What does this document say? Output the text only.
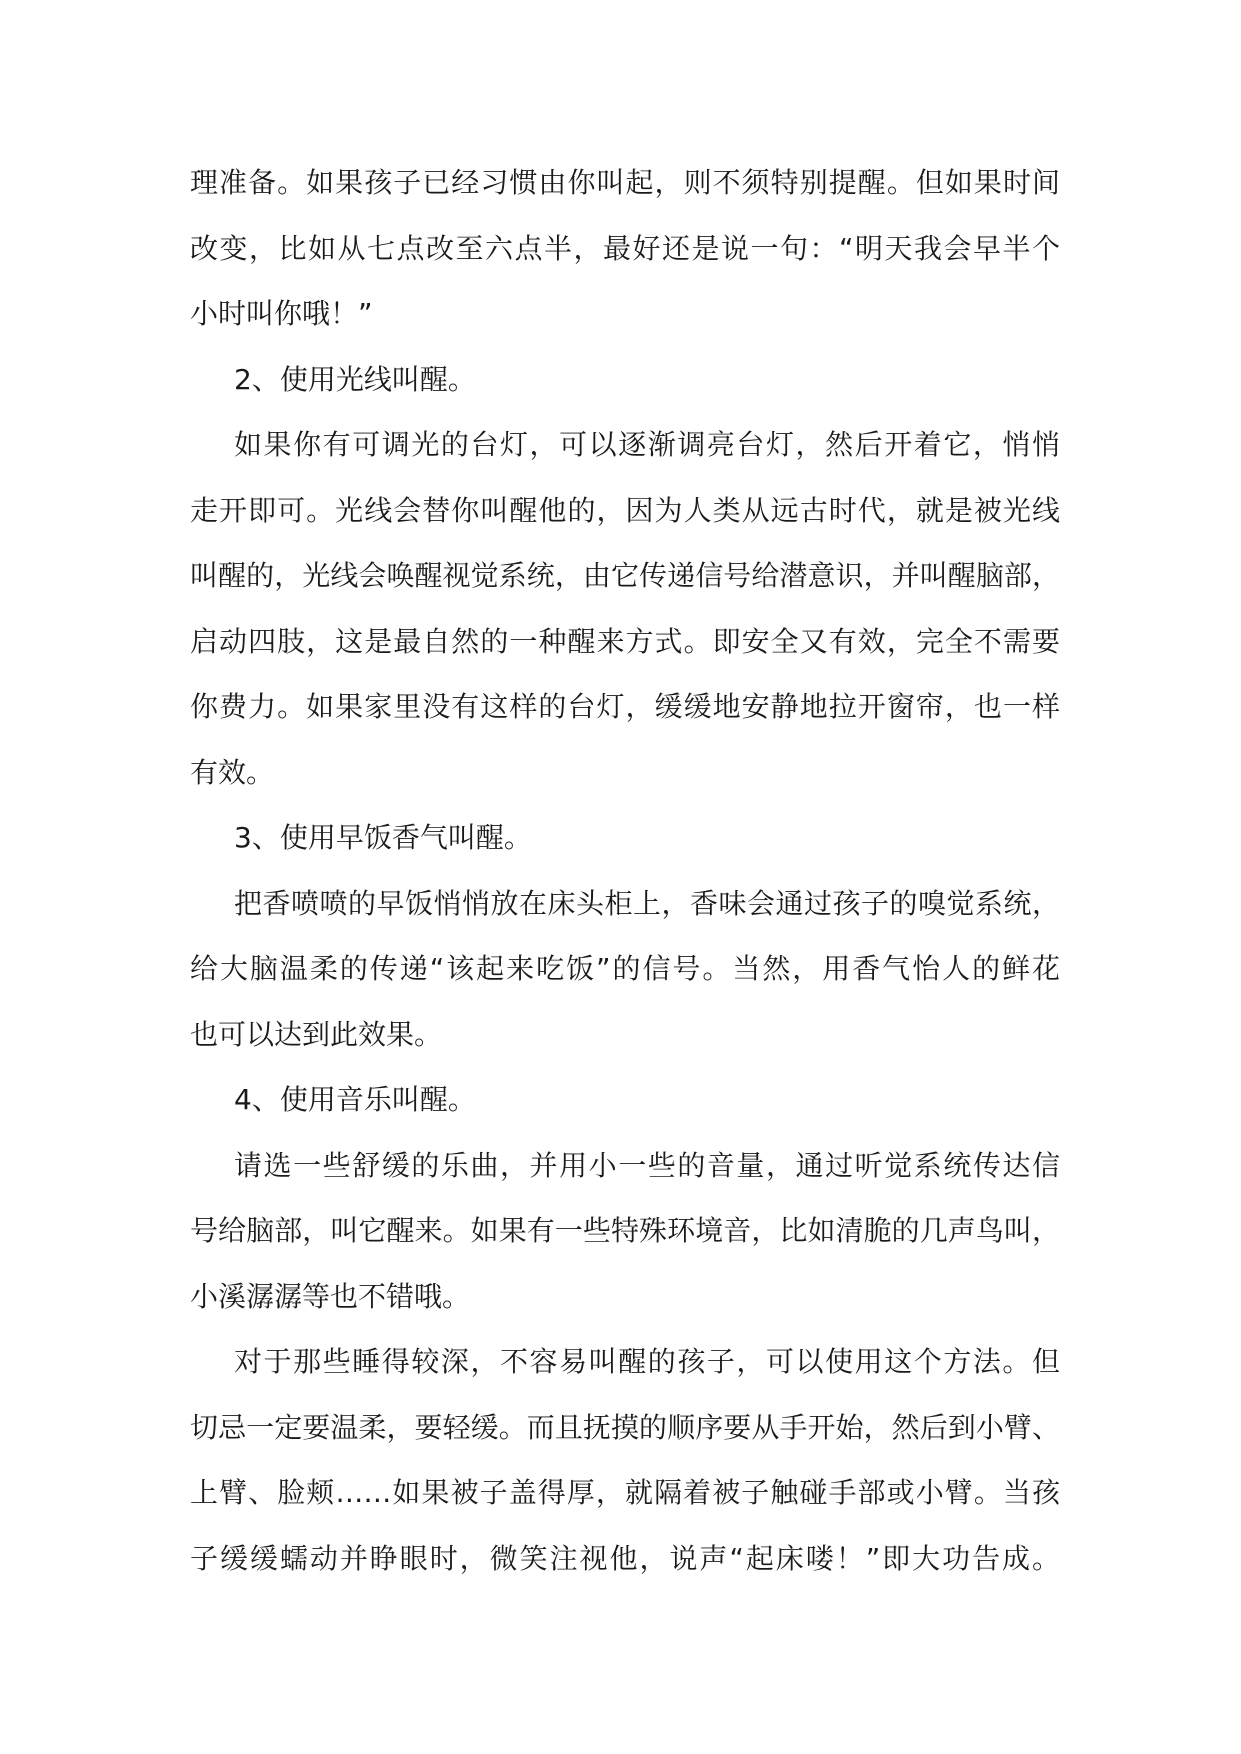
理准备。如果孩子已经习惯由你叫起，则不须特别提醒。但如果时间
改变，比如从七点改至六点半，最好还是说一句：“明天我会早半个
小时叫你哦！”
2、使用光线叫醒。
如果你有可调光的台灯，可以逐渐调亮台灯，然后开着它，悄悄
走开即可。光线会替你叫醒他的，因为人类从远古时代，就是被光线
叫醒的，光线会唤醒视觉系统，由它传递信号给潜意识，并叫醒脑部，
启动四肢，这是最自然的一种醒来方式。即安全又有效，完全不需要
你费力。如果家里没有这样的台灯，缓缓地安静地拉开窗帘，也一样
有效。
3、使用早饭香气叫醒。
把香喷喷的早饭悄悄放在床头柜上，香味会通过孩子的嗅觉系统，
给大脑温柔的传递“该起来吃饭”的信号。当然，用香气怡人的鲜花
也可以达到此效果。
4、使用音乐叫醒。
请选一些舒缓的乐曲，并用小一些的音量，通过听觉系统传达信
号给脑部，叫它醒来。如果有一些特殊环境音，比如清脆的几声鸟叫，
小溪潺潺等也不错哦。
对于那些睡得较深，不容易叫醒的孩子，可以使用这个方法。但
切忌一定要温柔，要轻缓。而且抚摸的顺序要从手开始，然后到小臂、
上臂、脸颊……如果被子盖得厚，就隔着被子触碰手部或小臂。当孩
子缓缓蠕动并睁眼时，微笑注视他，说声“起床喽！”即大功告成。
